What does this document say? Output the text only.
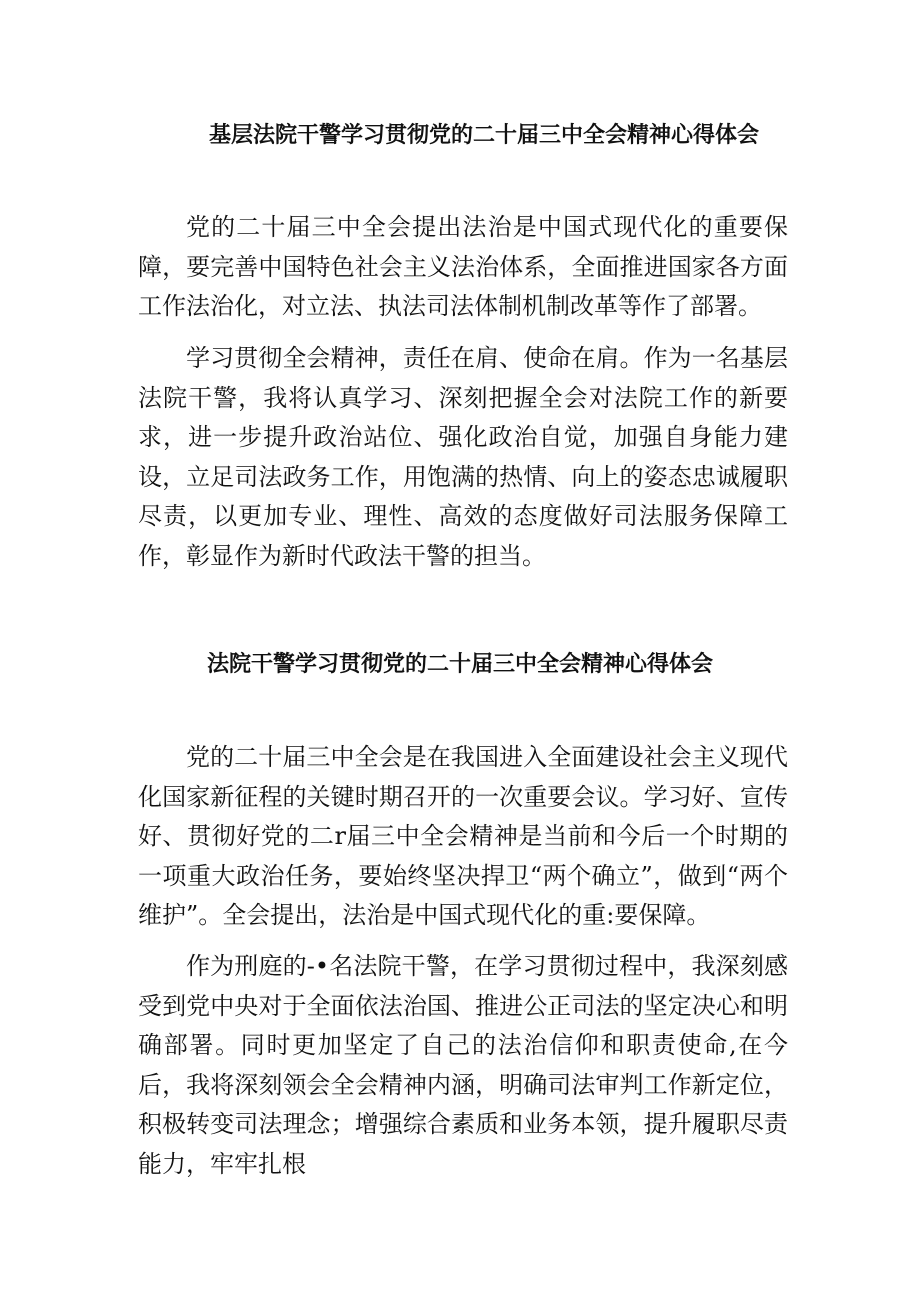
基层法院干警学习贯彻党的二十届三中全会精神心得体会

党的二十届三中全会提出法治是中国式现代化的重要保障，要完善中国特色社会主义法治体系，全面推进国家各方面工作法治化，对立法、执法司法体制机制改革等作了部署。

学习贯彻全会精神，责任在肩、使命在肩。作为一名基层法院干警，我将认真学习、深刻把握全会对法院工作的新要求，进一步提升政治站位、强化政治自觉，加强自身能力建设，立足司法政务工作，用饱满的热情、向上的姿态忠诚履职尽责，以更加专业、理性、高效的态度做好司法服务保障工作，彰显作为新时代政法干警的担当。

法院干警学习贯彻党的二十届三中全会精神心得体会

党的二十届三中全会是在我国进入全面建设社会主义现代化国家新征程的关键时期召开的一次重要会议。学习好、宣传好、贯彻好党的二r届三中全会精神是当前和今后一个时期的一项重大政治任务，要始终坚决捍卫“两个确立”，做到“两个维护”。全会提出，法治是中国式现代化的重:要保障。

作为刑庭的-•名法院干警，在学习贯彻过程中，我深刻感受到党中央对于全面依法治国、推进公正司法的坚定决心和明确部署。同时更加坚定了自己的法治信仰和职责使命,在今后，我将深刻领会全会精神内涵，明确司法审判工作新定位，积极转变司法理念；增强综合素质和业务本领，提升履职尽责能力，牢牢扎根
